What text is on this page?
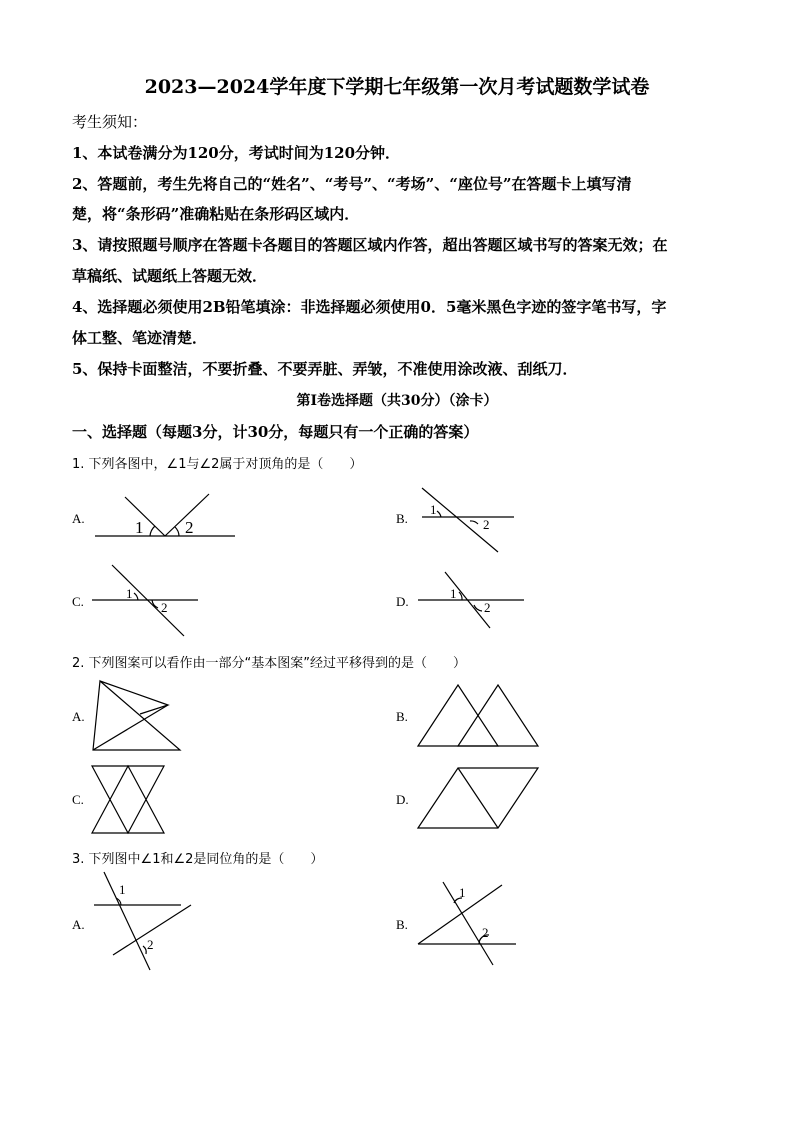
2023—2024学年度下学期七年级第一次月考试题数学试卷
考生须知：
1、本试卷满分为120分，考试时间为120分钟．
2、答题前，考生先将自己的“姓名”、“考号”、“考场”、“座位号”在答题卡上填写清
楚，将“条形码”准确粘贴在条形码区域内．
3、请按照题号顺序在答题卡各题目的答题区域内作答，超出答题区域书写的答案无效；在
草稿纸、试题纸上答题无效．
4、选择题必须使用2B铅笔填涂：非选择题必须使用0．5毫米黑色字迹的签字笔书写，字
体工整、笔迹清楚．
5、保持卡面整洁，不要折叠、不要弄脏、弄皱，不准使用涂改液、刮纸刀．
第I卷选择题（共30分）（涂卡）
一、选择题（每题3分，计30分，每题只有一个正确的答案）
1. 下列各图中，∠1与∠2属于对顶角的是（　　）
A.	1 2	B.
1
2
C.
1
2	D.
1
2
2. 下列图案可以看作由一部分“基本图案”经过平移得到的是（　　）
A.	B.
C.	D.
3. 下列图中∠1和∠2是同位角的是（　　）
A.
1
2
B.
1
2
